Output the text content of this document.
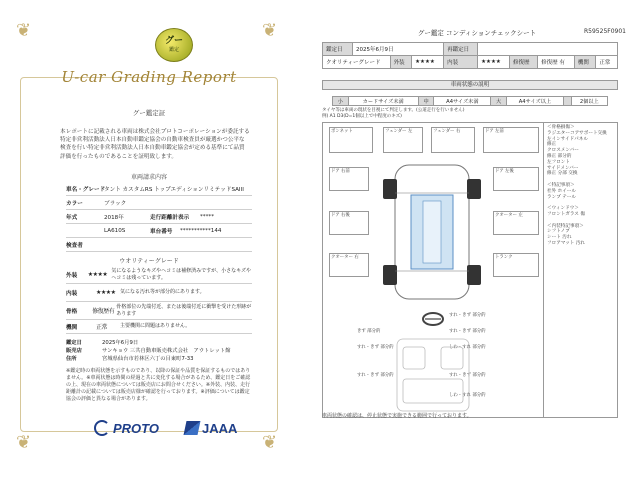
❦	❦
❦	❦
グー
鑑定
U-car Grading Report
グー鑑定証
本レポートに記載される車両は株式会社プロトコーポレーションが委託する特定非営利活動法人日本自動車鑑定協会の自動車検査員が厳選かつ公平な検査を行い特定非営利活動法人日本自動車鑑定協会が定める基準にて品質評価を行ったものであることを証明致します。
車両請求内容
車名・グレード
タント カスタムRS トップエディションリミテッドSAIII
カラー	ブラック
年式	2018年	走行距離計表示	*****
LA610S	車台番号	***********144
検査者
ウオリティーグレード
外装	★★★★ 気になるようなキズやヘコミは補修済みですが、小さなキズやヘコミは残っています。
内装	★★★★ 気になる汚れ等が部分的にあります。
骨格	修復歴有
骨格部位の先端付近、または後端付近に衝撃を受けた形跡があります
機関	正常	主要機関に問題はありません。
鑑定日	2025年6月9日
販売店	サンキョウ 三共自動車販売株式会社　アウトレット館
住所	宮城県仙台市若林区六丁の目東町7-33
※鑑定時の車両状態を示すものであり、以降の保証や品質を保証するものではありません。※車両状態は時間の経過と共に変化する場合があるため、鑑定日をご確認の上、現在の車両状態については販売店にお問合せください。※外装、内装、走行距離計の記載については販売店様が確認を行っております。※評価については鑑定協会の評価と異なる場合があります。
PROTO	JAAA
グー鑑定 コンディションチェックシート	R59525F0901
鑑定日	2025年6月9日			再鑑定日					
クオリティーグレード		外装	★★★★	内装	★★★★	修復歴	修復歴 有	機関	正常
車両状態の説明
小	カードサイズ未満	中	A4サイズ未満	大	A4サイズ以上		2個以上
タイヤ等は車両の現状を目視にて判定します。(公道走行を行いません)
例) A1 D3(D=1個以上で中程度のキズ)
ボンネット	フェンダー 左	フェンダー 右	ドア 左前
ドア 右前	ドア 左後
ドア 右後	クオーター 左
クオーター 右	トランク
すれ・きず 部分的
すれ・きず 部分的
きず 部分的
すれ・きず 部分的	しわ・すれ 部分的
すれ・きず 部分的	すれ・きず 部分的
しわ・すれ 部分的
＜骨格損傷＞
ラジエターコアサポート交換
左インサイドパネル
修正
クロスメンバー
修正 部分的
左フロント
サイドメンバー
修正 分部 交換

＜特記事項＞
社外 ホイール
ランプ テール

＜ウィンドウ＞
フロントガラス 傷

＜内装特記事項＞
シフトノブ
シート 汚れ
フロアマット 汚れ
車両状態の確認は、停止状態で実施できる範囲で行っております。
